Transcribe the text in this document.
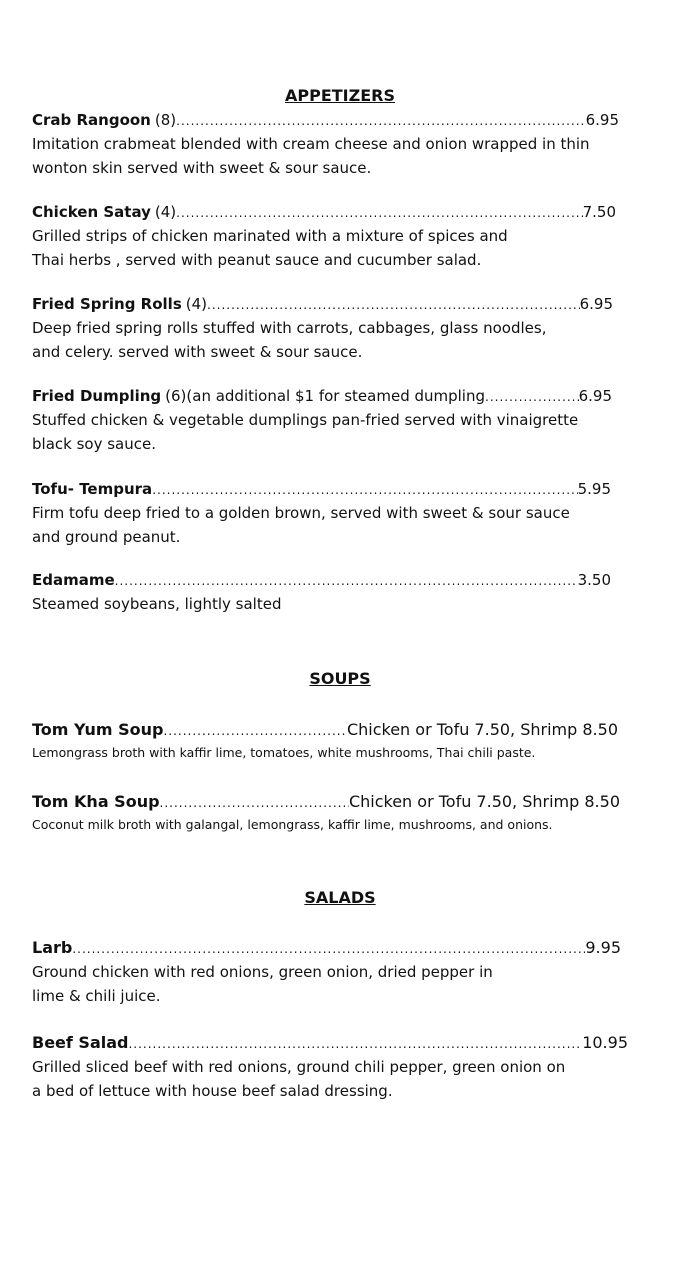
APPETIZERS
Crab Rangoon (8) .....	6.95

Imitation crabmeat blended with cream cheese and onion wrapped in thin

wonton skin served with sweet & sour sauce.

Chicken Satay (4) .....	7.50

Grilled strips of chicken marinated with a mixture of spices and

Thai herbs , served with peanut sauce and cucumber salad.

Fried Spring Rolls (4) .....	6.95

Deep fried spring rolls stuffed with carrots, cabbages, glass noodles,

and celery. served with sweet & sour sauce.

Fried Dumpling (6)(an additional $1 for steamed dumpling .....	6.95

Stuffed chicken & vegetable dumplings pan-fried served with vinaigrette

black soy sauce.

Tofu- Tempura .....	5.95

Firm tofu deep fried to a golden brown, served with sweet & sour sauce

and ground peanut.

Edamame .....	3.50

Steamed soybeans, lightly salted

SOUPS
Tom Yum Soup .....	Chicken or Tofu 7.50, Shrimp 8.50

Lemongrass broth with kaffir lime, tomatoes, white mushrooms, Thai chili paste.

Tom Kha Soup .....	Chicken or Tofu 7.50, Shrimp 8.50

Coconut milk broth with galangal, lemongrass, kaffir lime, mushrooms, and onions.

SALADS
Larb .....	9.95

Ground chicken with red onions, green onion, dried pepper in

lime & chili juice.

Beef Salad .....	10.95

Grilled sliced beef with red onions, ground chili pepper, green onion on

a bed of lettuce with house beef salad dressing.
